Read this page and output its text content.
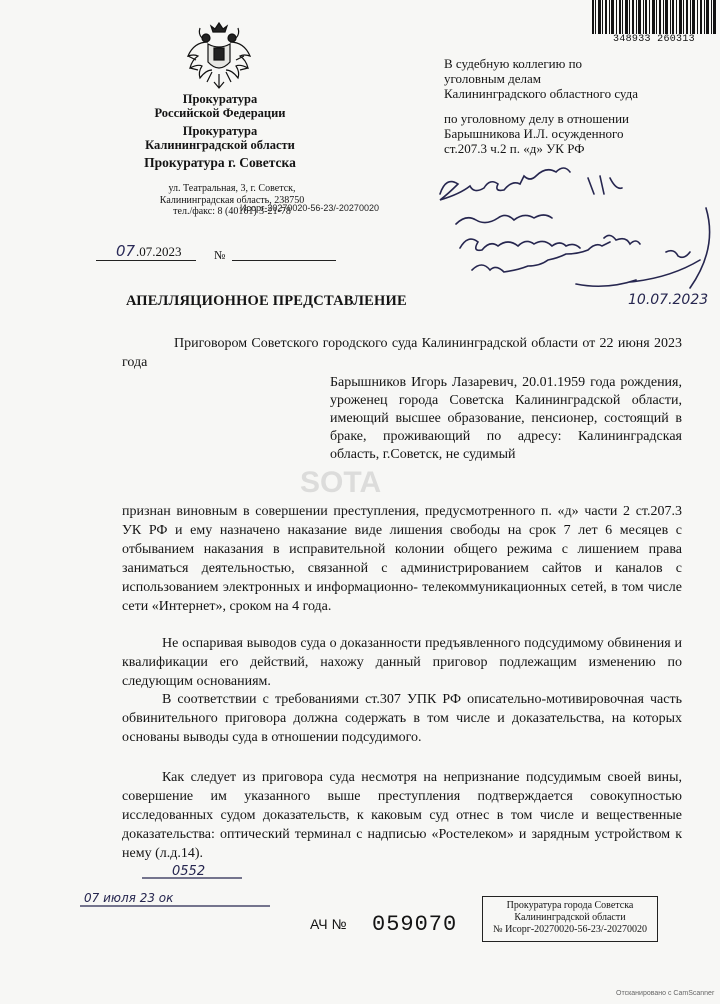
348933 260313
Прокуратура
Российской Федерации
Прокуратура
Калининградской области
Прокуратура г. Советска
ул. Театральная, 3, г. Советск,
Калининградская область, 238750
тел./факс: 8 (40161) 3-21-78
Исорг-20270020-56-23/-20270020
07 .07.2023	№
В судебную коллегию по
уголовным делам
Калининградского областного суда
по уголовному делу в отношении
Барышникова И.Л. осужденного
ст.207.3 ч.2 п. «д» УК РФ
10.07.2023
АПЕЛЛЯЦИОННОЕ ПРЕДСТАВЛЕНИЕ
Приговором Советского городского суда Калининградской области от 22 июня 2023 года
Барышников Игорь Лазаревич, 20.01.1959 года рождения, уроженец города Советска Калининградской области, имеющий высшее образование, пенсионер, состоящий в браке, проживающий по адресу: Калининградская область, г.Советск, не судимый
признан виновным в совершении преступления, предусмотренного п. «д» части 2 ст.207.3 УК РФ и ему назначено наказание виде лишения свободы на срок 7 лет 6 месяцев с отбыванием наказания в исправительной колонии общего режима с лишением права заниматься деятельностью, связанной с администрированием сайтов и каналов с использованием электронных и информационно- телекоммуникационных сетей, в том числе сети «Интернет», сроком на 4 года.
Не оспаривая выводов суда о доказанности предъявленного подсудимому обвинения и квалификации его действий, нахожу данный приговор подлежащим изменению по следующим основаниям.
В соответствии с требованиями ст.307 УПК РФ описательно-мотивировочная часть обвинительного приговора должна содержать в том числе и доказательства, на которых основаны выводы суда в отношении подсудимого.
Как следует из приговора суда несмотря на непризнание подсудимым своей вины, совершение им указанного выше преступления подтверждается совокупностью исследованных судом доказательств, к каковым суд отнес в том числе и вещественные доказательства: оптический терминал с надписью «Ростелеком» и зарядным устройством к нему (л.д.14).
SOTA
0552
07 июля 23 ок
АЧ № 059070
Прокуратура города Советска
Калининградской области
№ Исорг-20270020-56-23/-20270020
Отсканировано с CamScanner
